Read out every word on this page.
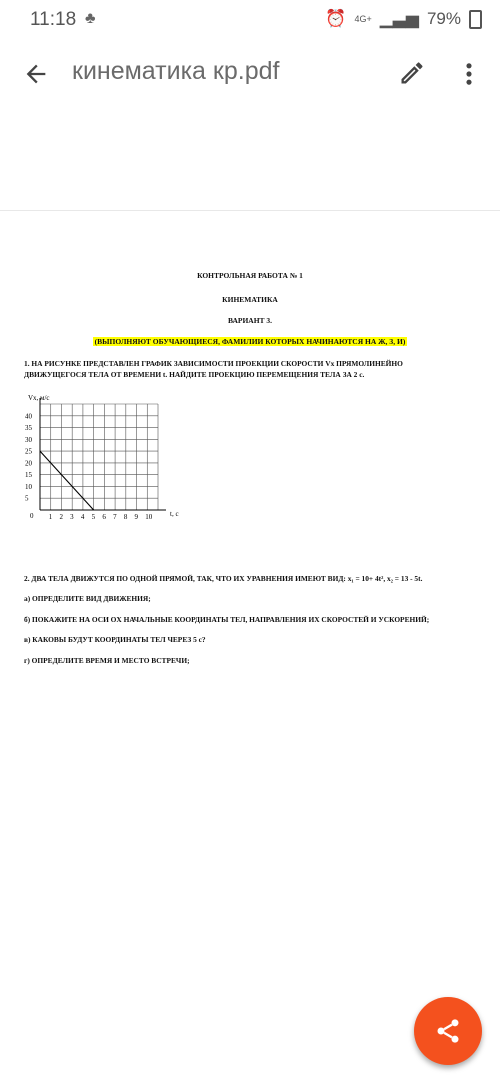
11:18 ♣	⏰ 4G+ ▁▃▅ 79%
кинематика кр.pdf
КОНТРОЛЬНАЯ РАБОТА № 1
КИНЕМАТИКА
ВАРИАНТ 3.
(ВЫПОЛНЯЮТ ОБУЧАЮЩИЕСЯ, ФАМИЛИИ КОТОРЫХ НАЧИНАЮТСЯ НА Ж, З, И)
1. НА РИСУНКЕ ПРЕДСТАВЛЕН ГРАФИК ЗАВИСИМОСТИ ПРОЕКЦИИ СКОРОСТИ Vx ПРЯМОЛИНЕЙНО
ДВИЖУЩЕГОСЯ ТЕЛА ОТ ВРЕМЕНИ t. НАЙДИТЕ ПРОЕКЦИЮ ПЕРЕМЕЩЕНИЯ ТЕЛА ЗА 2 с.
Vx, м/с
t, с
0 1 2 3 4 5 6 7 8 9 10
5
10
15
20
25
30
35
40
2. ДВА ТЕЛА ДВИЖУТСЯ ПО ОДНОЙ ПРЯМОЙ, ТАК, ЧТО ИХ УРАВНЕНИЯ ИМЕЮТ ВИД: x₁ = 10+ 4t², x₂ = 13 - 5t.
а) ОПРЕДЕЛИТЕ ВИД ДВИЖЕНИЯ;
б) ПОКАЖИТЕ НА ОСИ OX НАЧАЛЬНЫЕ КООРДИНАТЫ ТЕЛ, НАПРАВЛЕНИЯ ИХ СКОРОСТЕЙ И УСКОРЕНИЙ;
в) КАКОВЫ БУДУТ КООРДИНАТЫ ТЕЛ ЧЕРЕЗ 5 с?
г) ОПРЕДЕЛИТЕ ВРЕМЯ И МЕСТО ВСТРЕЧИ;
